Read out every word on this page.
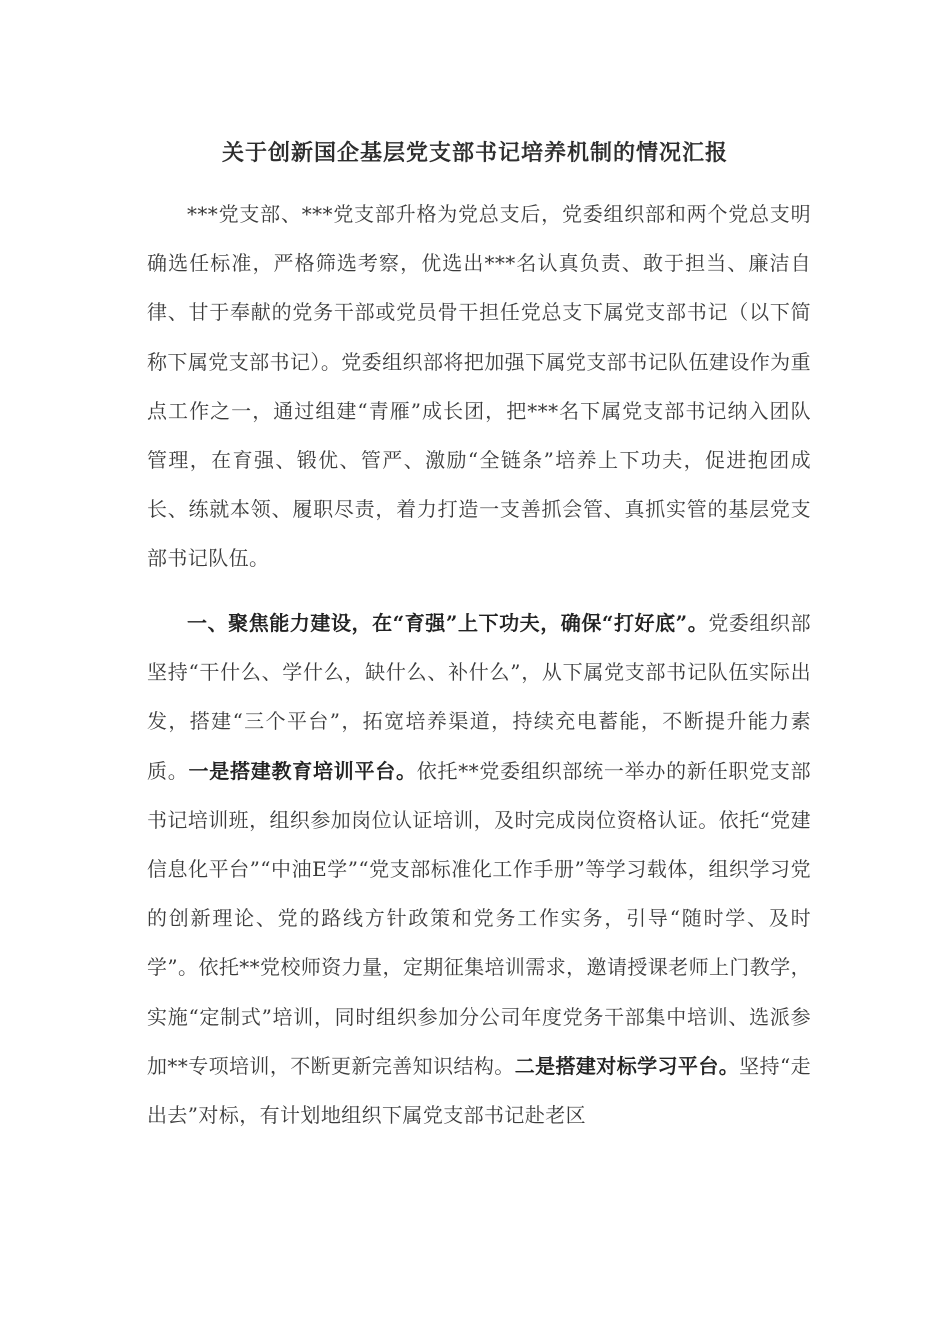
关于创新国企基层党支部书记培养机制的情况汇报

***党支部、***党支部升格为党总支后，党委组织部和两个党总支明确选任标准，严格筛选考察，优选出***名认真负责、敢于担当、廉洁自律、甘于奉献的党务干部或党员骨干担任党总支下属党支部书记（以下简称下属党支部书记）。党委组织部将把加强下属党支部书记队伍建设作为重点工作之一，通过组建“青雁”成长团，把***名下属党支部书记纳入团队管理，在育强、锻优、管严、激励“全链条”培养上下功夫，促进抱团成长、练就本领、履职尽责，着力打造一支善抓会管、真抓实管的基层党支部书记队伍。

一、聚焦能力建设，在“育强”上下功夫，确保“打好底”。党委组织部坚持“干什么、学什么，缺什么、补什么”，从下属党支部书记队伍实际出发，搭建“三个平台”，拓宽培养渠道，持续充电蓄能，不断提升能力素质。一是搭建教育培训平台。依托**党委组织部统一举办的新任职党支部书记培训班，组织参加岗位认证培训，及时完成岗位资格认证。依托“党建信息化平台”“中油E学”“党支部标准化工作手册”等学习载体，组织学习党的创新理论、党的路线方针政策和党务工作实务，引导“随时学、及时学”。依托**党校师资力量，定期征集培训需求，邀请授课老师上门教学，实施“定制式”培训，同时组织参加分公司年度党务干部集中培训、选派参加**专项培训，不断更新完善知识结构。二是搭建对标学习平台。坚持“走出去”对标，有计划地组织下属党支部书记赴老区
